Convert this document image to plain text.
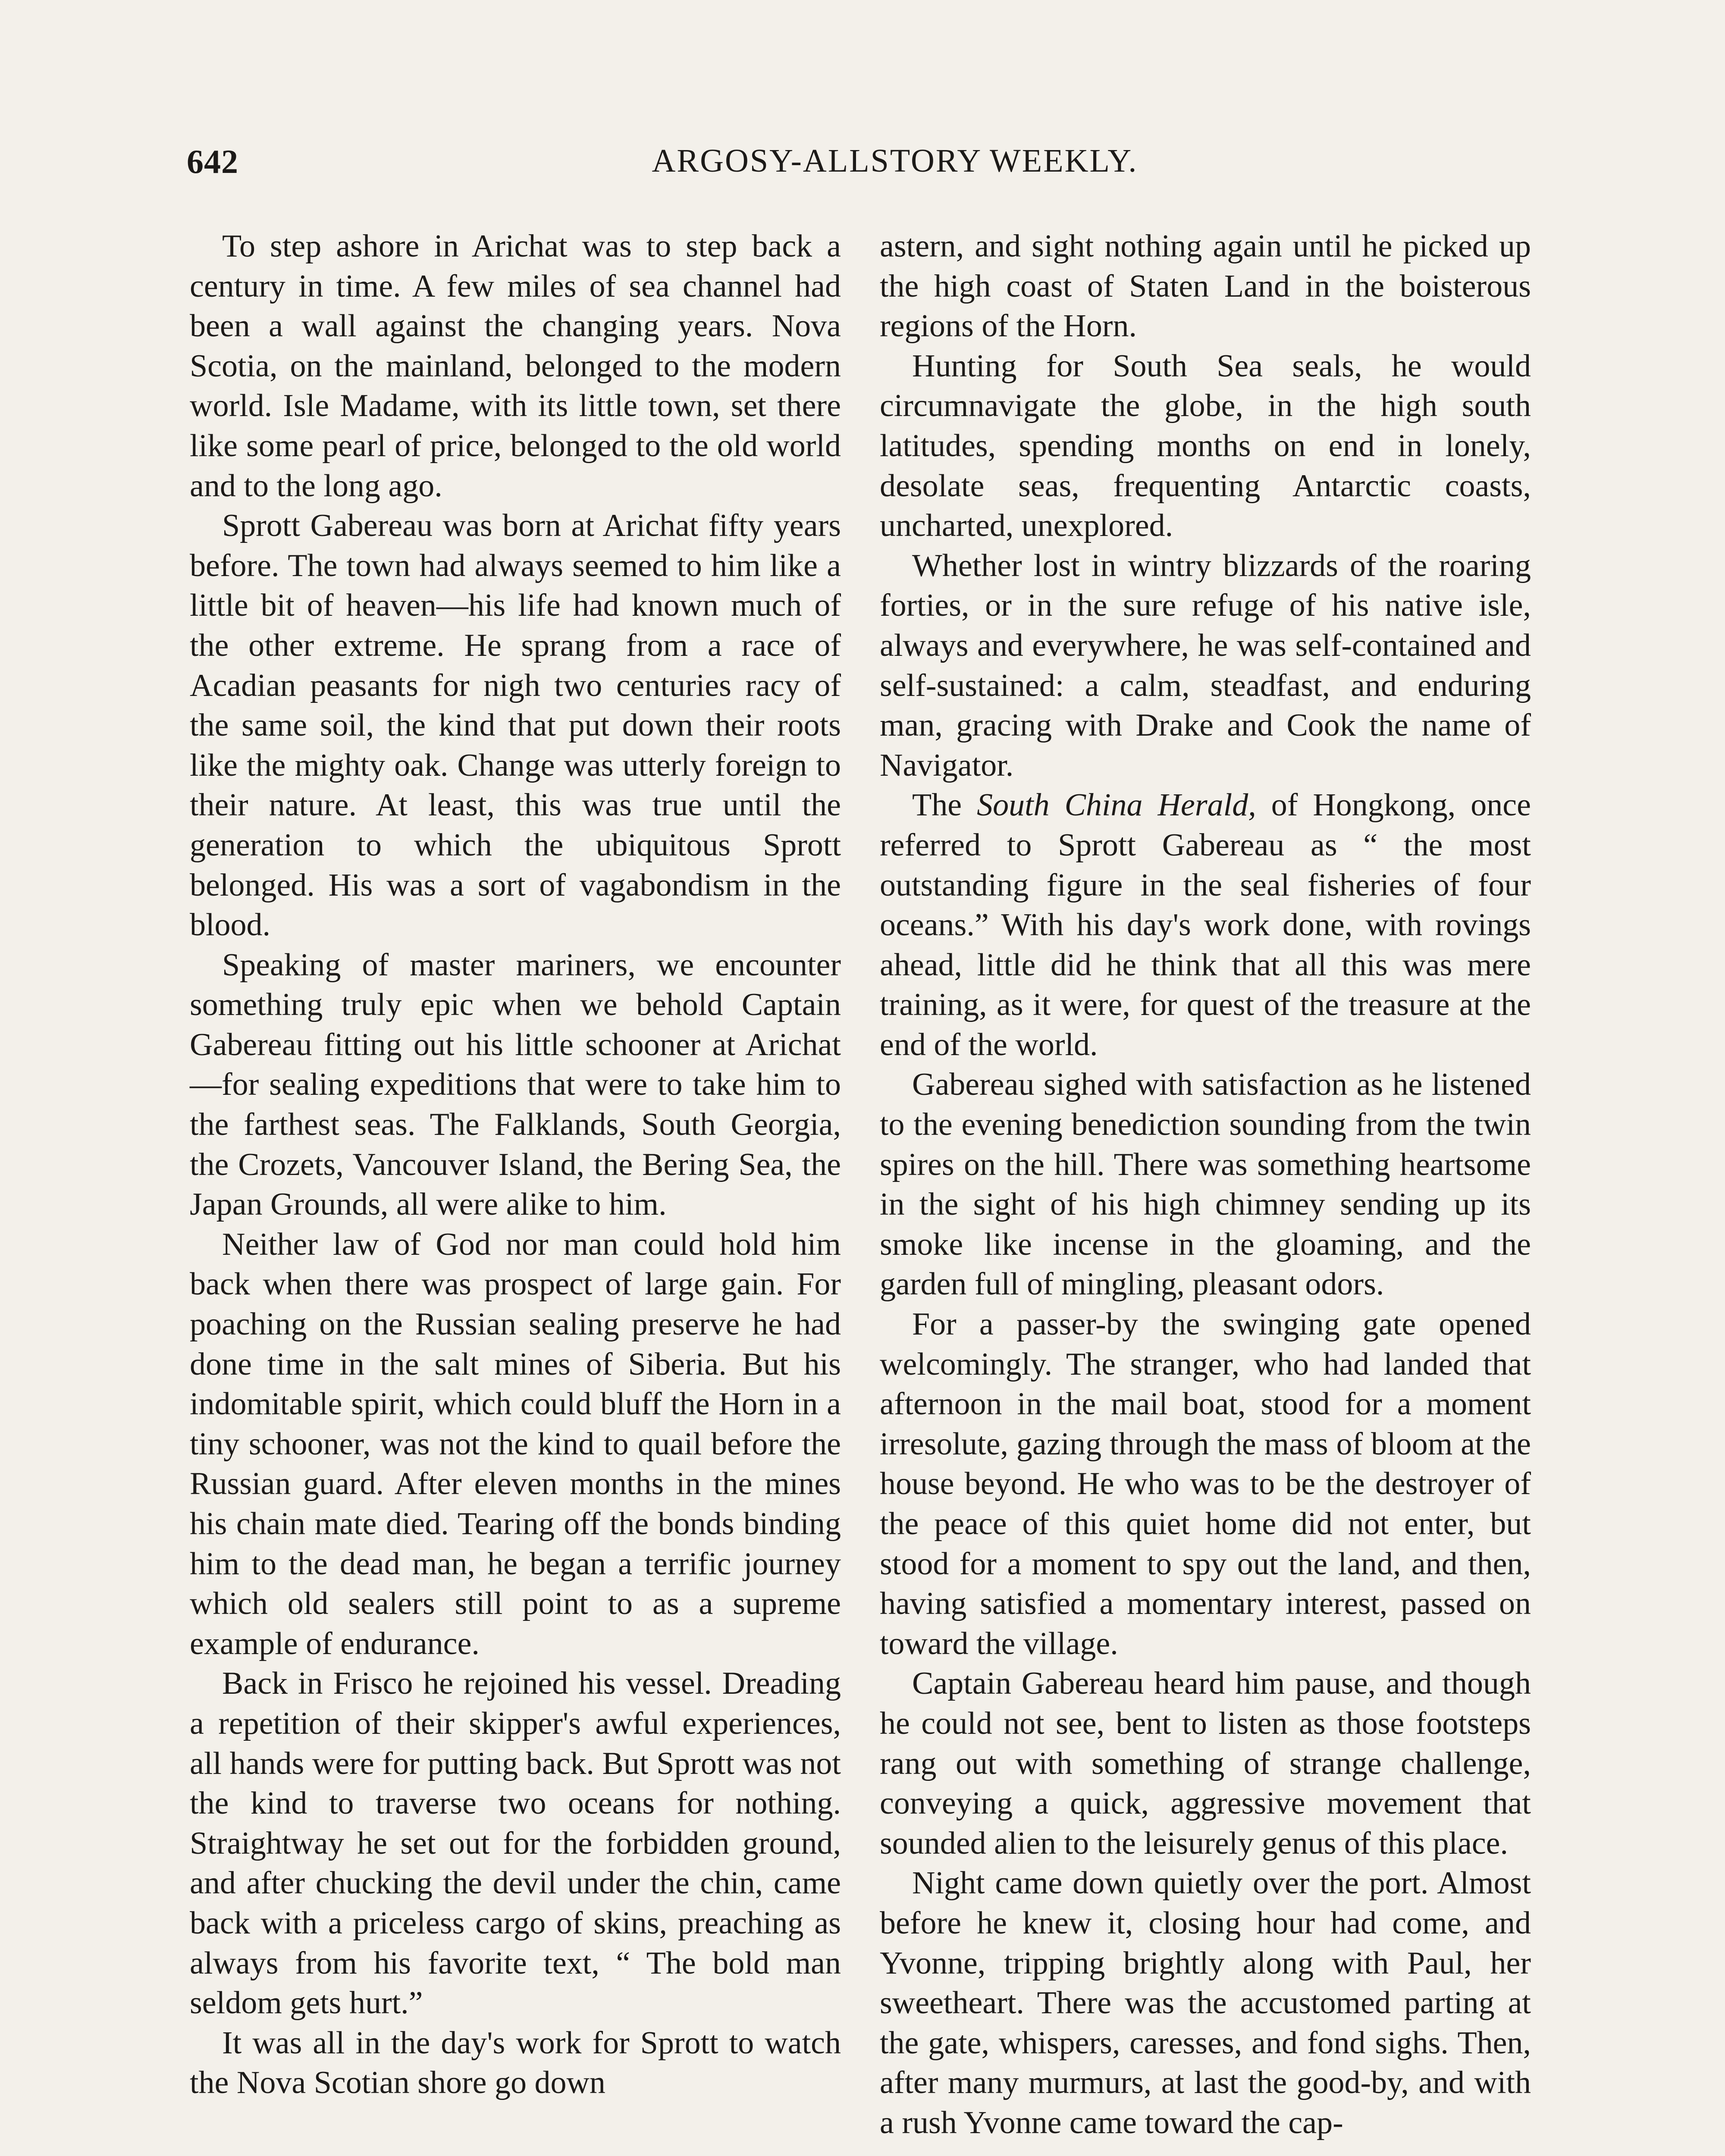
642	ARGOSY-ALLSTORY WEEKLY.

To step ashore in Arichat was to step back a century in time. A few miles of sea channel had been a wall against the changing years. Nova Scotia, on the mainland, belonged to the modern world. Isle Madame, with its little town, set there like some pearl of price, belonged to the old world and to the long ago.

Sprott Gabereau was born at Arichat fifty years before. The town had always seemed to him like a little bit of heaven—his life had known much of the other extreme. He sprang from a race of Acadian peasants for nigh two centuries racy of the same soil, the kind that put down their roots like the mighty oak. Change was utterly foreign to their nature. At least, this was true until the generation to which the ubiquitous Sprott belonged. His was a sort of vagabondism in the blood.

Speaking of master mariners, we encounter something truly epic when we behold Captain Gabereau fitting out his little schooner at Arichat—for sealing expeditions that were to take him to the farthest seas. The Falklands, South Georgia, the Crozets, Vancouver Island, the Bering Sea, the Japan Grounds, all were alike to him.

Neither law of God nor man could hold him back when there was prospect of large gain. For poaching on the Russian sealing preserve he had done time in the salt mines of Siberia. But his indomitable spirit, which could bluff the Horn in a tiny schooner, was not the kind to quail before the Russian guard. After eleven months in the mines his chain mate died. Tearing off the bonds binding him to the dead man, he began a terrific journey which old sealers still point to as a supreme example of endurance.

Back in Frisco he rejoined his vessel. Dreading a repetition of their skipper's awful experiences, all hands were for putting back. But Sprott was not the kind to traverse two oceans for nothing. Straightway he set out for the forbidden ground, and after chucking the devil under the chin, came back with a priceless cargo of skins, preaching as always from his favorite text, “ The bold man seldom gets hurt.”

It was all in the day's work for Sprott to watch the Nova Scotian shore go down

astern, and sight nothing again until he picked up the high coast of Staten Land in the boisterous regions of the Horn.

Hunting for South Sea seals, he would circumnavigate the globe, in the high south latitudes, spending months on end in lonely, desolate seas, frequenting Antarctic coasts, uncharted, unexplored.

Whether lost in wintry blizzards of the roaring forties, or in the sure refuge of his native isle, always and everywhere, he was self-contained and self-sustained: a calm, steadfast, and enduring man, gracing with Drake and Cook the name of Navigator.

The South China Herald, of Hongkong, once referred to Sprott Gabereau as “ the most outstanding figure in the seal fisheries of four oceans.” With his day's work done, with rovings ahead, little did he think that all this was mere training, as it were, for quest of the treasure at the end of the world.

Gabereau sighed with satisfaction as he listened to the evening benediction sounding from the twin spires on the hill. There was something heartsome in the sight of his high chimney sending up its smoke like incense in the gloaming, and the garden full of mingling, pleasant odors.

For a passer-by the swinging gate opened welcomingly. The stranger, who had landed that afternoon in the mail boat, stood for a moment irresolute, gazing through the mass of bloom at the house beyond. He who was to be the destroyer of the peace of this quiet home did not enter, but stood for a moment to spy out the land, and then, having satisfied a momentary interest, passed on toward the village.

Captain Gabereau heard him pause, and though he could not see, bent to listen as those footsteps rang out with something of strange challenge, conveying a quick, aggressive movement that sounded alien to the leisurely genus of this place.

Night came down quietly over the port. Almost before he knew it, closing hour had come, and Yvonne, tripping brightly along with Paul, her sweetheart. There was the accustomed parting at the gate, whispers, caresses, and fond sighs. Then, after many murmurs, at last the good-by, and with a rush Yvonne came toward the cap-
